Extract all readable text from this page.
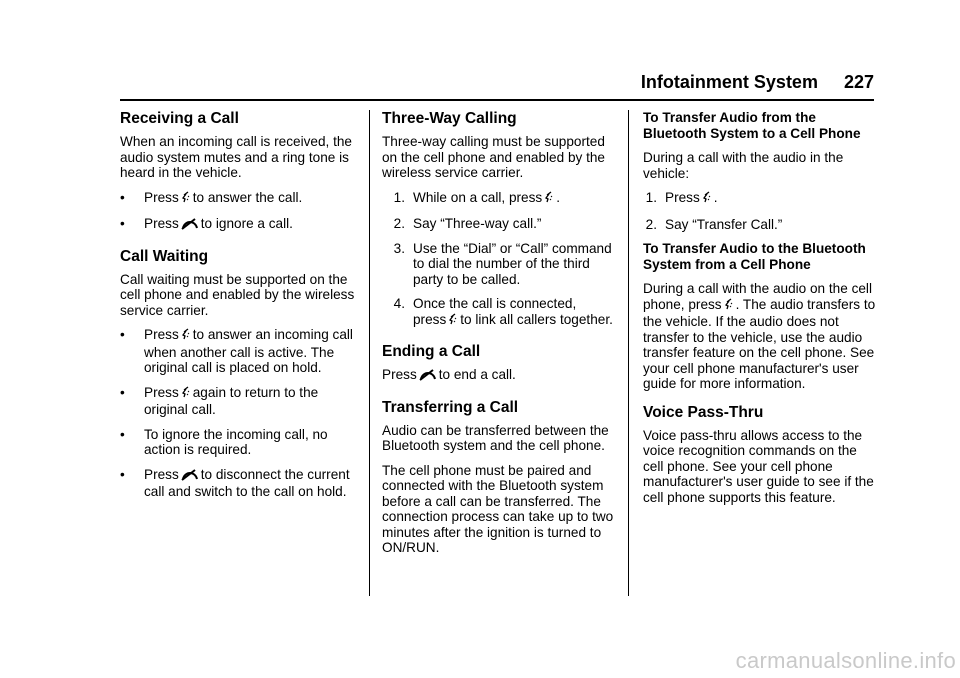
Infotainment System 227
Receiving a Call

When an incoming call is received, the audio system mutes and a ring tone is heard in the vehicle.

•	Press to answer the call.
•	Press to ignore a call.
Call Waiting

Call waiting must be supported on the cell phone and enabled by the wireless service carrier.

•	Press to answer an incoming call when another call is active. The original call is placed on hold.
•	Press again to return to the original call.
•	To ignore the incoming call, no action is required.
•	Press to disconnect the current call and switch to the call on hold.
Three-Way Calling

Three-way calling must be supported on the cell phone and enabled by the wireless service carrier.

1. While on a call, press .
2. Say “Three-way call.”
3. Use the “Dial” or “Call” command to dial the number of the third party to be called.
4. Once the call is connected,
press to link all callers together.
Ending a Call

Press to end a call.

Transferring a Call

Audio can be transferred between the Bluetooth system and the cell phone.

The cell phone must be paired and connected with the Bluetooth system before a call can be transferred. The connection process can take up to two minutes after the ignition is turned to ON/RUN.

To Transfer Audio from the Bluetooth System to a Cell Phone

During a call with the audio in the vehicle:

1. Press .
2. Say “Transfer Call.”
To Transfer Audio to the Bluetooth System from a Cell Phone

During a call with the audio on the cell phone, press . The audio transfers to the vehicle. If the audio does not transfer to the vehicle, use the audio transfer feature on the cell phone. See your cell phone manufacturer's user guide for more information.

Voice Pass-Thru

Voice pass-thru allows access to the voice recognition commands on the cell phone. See your cell phone manufacturer's user guide to see if the cell phone supports this feature.

carmanualsonline.info
